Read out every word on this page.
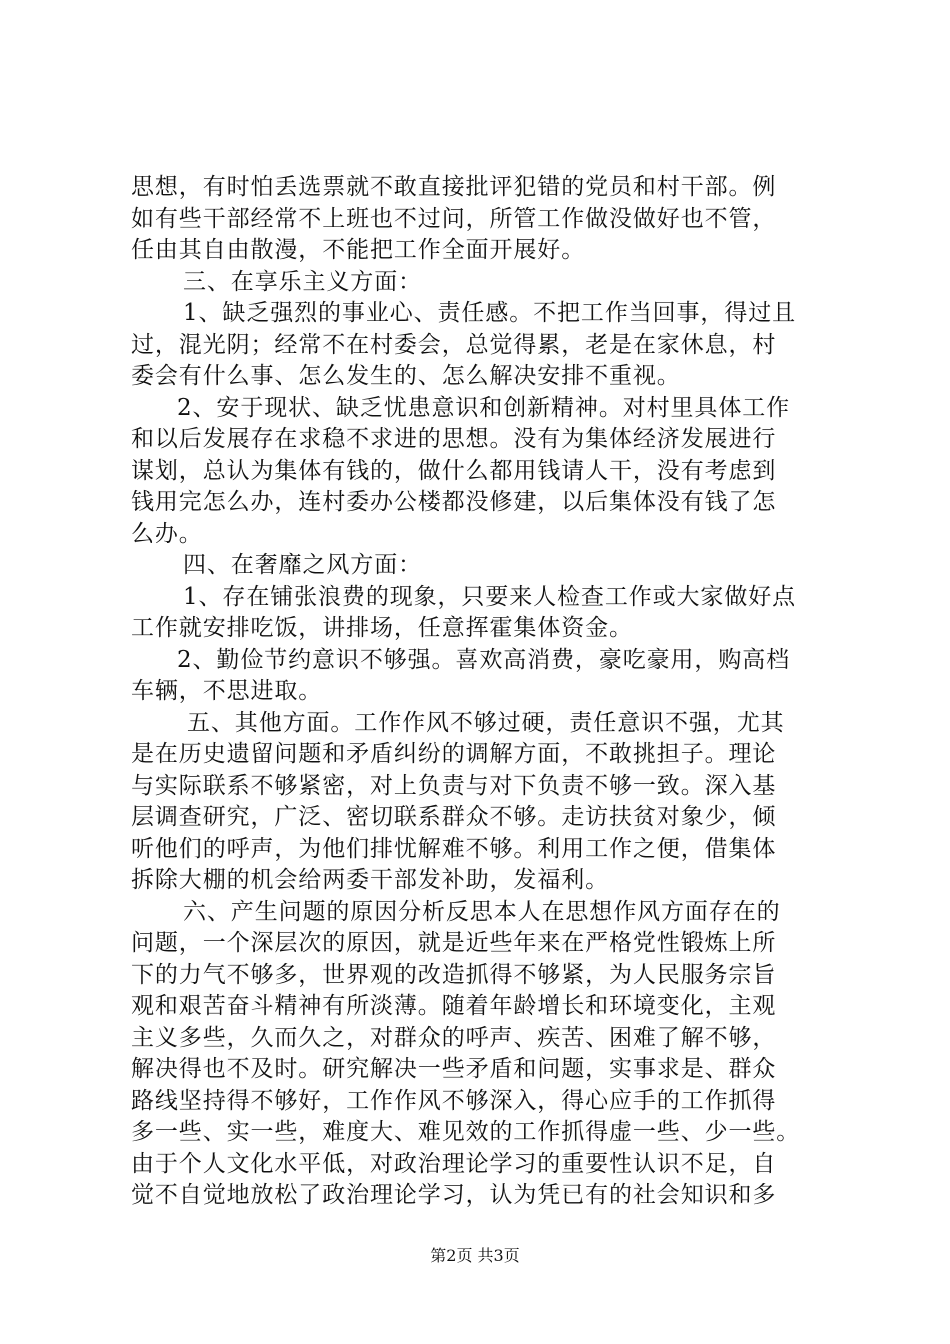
思想，有时怕丢选票就不敢直接批评犯错的党员和村干部。例
如有些干部经常不上班也不过问，所管工作做没做好也不管，
任由其自由散漫，不能把工作全面开展好。
三、在享乐主义方面：
1、缺乏强烈的事业心、责任感。不把工作当回事，得过且
过，混光阴；经常不在村委会，总觉得累，老是在家休息，村
委会有什么事、怎么发生的、怎么解决安排不重视。
2、安于现状、缺乏忧患意识和创新精神。对村里具体工作
和以后发展存在求稳不求进的思想。没有为集体经济发展进行
谋划，总认为集体有钱的，做什么都用钱请人干，没有考虑到
钱用完怎么办，连村委办公楼都没修建，以后集体没有钱了怎
么办。
四、在奢靡之风方面：
1、存在铺张浪费的现象，只要来人检查工作或大家做好点
工作就安排吃饭，讲排场，任意挥霍集体资金。
2、勤俭节约意识不够强。喜欢高消费，豪吃豪用，购高档
车辆，不思进取。
五、其他方面。工作作风不够过硬，责任意识不强，尤其
是在历史遗留问题和矛盾纠纷的调解方面，不敢挑担子。理论
与实际联系不够紧密，对上负责与对下负责不够一致。深入基
层调查研究，广泛、密切联系群众不够。走访扶贫对象少，倾
听他们的呼声，为他们排忧解难不够。利用工作之便，借集体
拆除大棚的机会给两委干部发补助，发福利。
六、产生问题的原因分析反思本人在思想作风方面存在的
问题，一个深层次的原因，就是近些年来在严格党性锻炼上所
下的力气不够多，世界观的改造抓得不够紧，为人民服务宗旨
观和艰苦奋斗精神有所淡薄。随着年龄增长和环境变化，主观
主义多些，久而久之，对群众的呼声、疾苦、困难了解不够，
解决得也不及时。研究解决一些矛盾和问题，实事求是、群众
路线坚持得不够好，工作作风不够深入，得心应手的工作抓得
多一些、实一些，难度大、难见效的工作抓得虚一些、少一些。
由于个人文化水平低，对政治理论学习的重要性认识不足，自
觉不自觉地放松了政治理论学习，认为凭已有的社会知识和多
第2页 共3页
